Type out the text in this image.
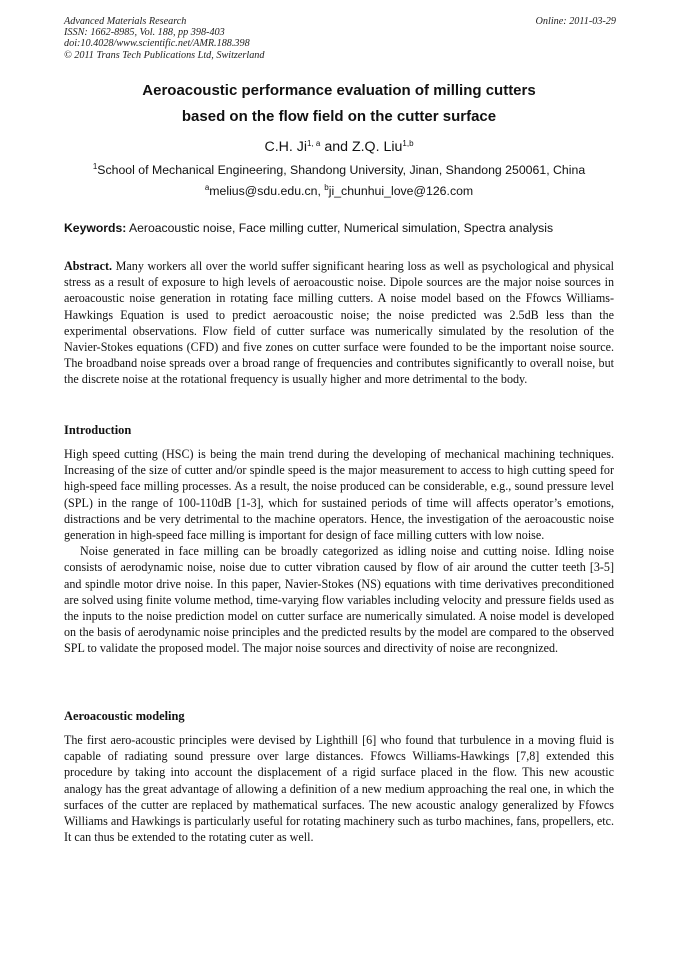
Advanced Materials Research
ISSN: 1662-8985, Vol. 188, pp 398-403
doi:10.4028/www.scientific.net/AMR.188.398
© 2011 Trans Tech Publications Ltd, Switzerland
Online: 2011-03-29
Aeroacoustic performance evaluation of milling cutters
based on the flow field on the cutter surface
C.H. Ji$^{1, a}$ and Z.Q. Liu$^{1,b}$
$^1$School of Mechanical Engineering, Shandong University, Jinan, Shandong 250061, China
$^a$melius@sdu.edu.cn, $^b$ji_chunhui_love@126.com
Keywords: Aeroacoustic noise, Face milling cutter, Numerical simulation, Spectra analysis

Abstract. Many workers all over the world suffer significant hearing loss as well as psychological and physical stress as a result of exposure to high levels of aeroacoustic noise. Dipole sources are the major noise sources in aeroacoustic noise generation in rotating face milling cutters. A noise model based on the Ffowcs Williams-Hawkings Equation is used to predict aeroacoustic noise; the noise predicted was 2.5dB less than the experimental observations. Flow field of cutter surface was numerically simulated by the resolution of the Navier-Stokes equations (CFD) and five zones on cutter surface were founded to be the important noise source. The broadband noise spreads over a broad range of frequencies and contributes significantly to overall noise, but the discrete noise at the rotational frequency is usually higher and more detrimental to the body.

Introduction

High speed cutting (HSC) is being the main trend during the developing of mechanical machining techniques. Increasing of the size of cutter and/or spindle speed is the major measurement to access to high cutting speed for high-speed face milling processes. As a result, the noise produced can be considerable, e.g., sound pressure level (SPL) in the range of 100-110dB [1-3], which for sustained periods of time will affects operator’s emotions, distractions and be very detrimental to the machine operators. Hence, the investigation of the aeroacoustic noise generation in high-speed face milling is important for design of face milling cutters with low noise.

Noise generated in face milling can be broadly categorized as idling noise and cutting noise. Idling noise consists of aerodynamic noise, noise due to cutter vibration caused by flow of air around the cutter teeth [3-5] and spindle motor drive noise. In this paper, Navier-Stokes (NS) equations with time derivatives preconditioned are solved using finite volume method, time-varying flow variables including velocity and pressure fields used as the inputs to the noise prediction model on cutter surface are numerically simulated. A noise model is developed on the basis of aerodynamic noise principles and the predicted results by the model are compared to the observed SPL to validate the proposed model. The major noise sources and directivity of noise are recongnized.

Aeroacoustic modeling

The first aero-acoustic principles were devised by Lighthill [6] who found that turbulence in a moving fluid is capable of radiating sound pressure over large distances. Ffowcs Williams-Hawkings [7,8] extended this procedure by taking into account the displacement of a rigid surface placed in the flow. This new acoustic analogy has the great advantage of allowing a definition of a new medium approaching the real one, in which the surfaces of the cutter are replaced by mathematical surfaces. The new acoustic analogy generalized by Ffowcs Williams and Hawkings is particularly useful for rotating machinery such as turbo machines, fans, propellers, etc. It can thus be extended to the rotating cuter as well.
